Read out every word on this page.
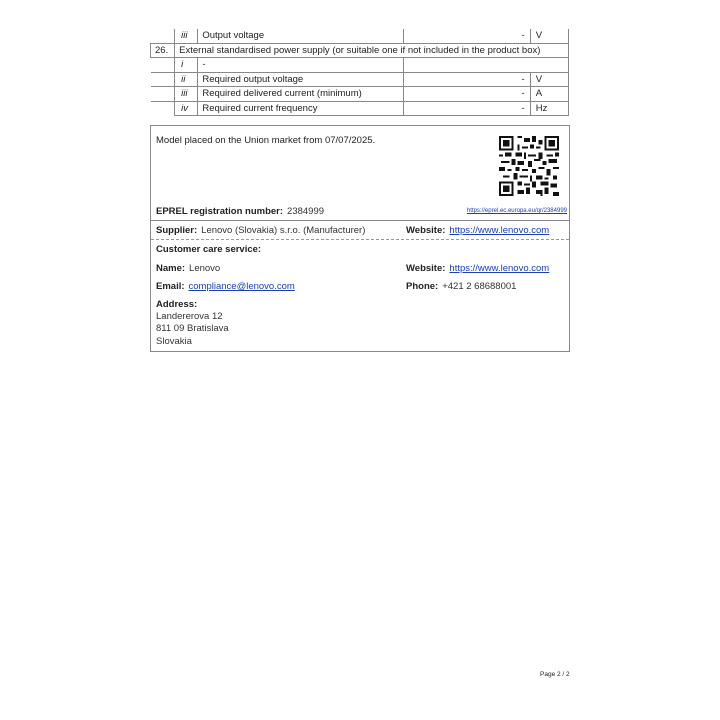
	iii	Output voltage	-	V
26.	External standardised power supply (or suitable one if not included in the product box)			
	i	-		
	ii	Required output voltage	-	V
	iii	Required delivered current (minimum)	-	A
	iv	Required current frequency	-	Hz
Model placed on the Union market from 07/07/2025.
https://eprel.ec.europa.eu/qr/2384999
EPREL registration number: 2384999
Supplier: Lenovo (Slovakia) s.r.o. (Manufacturer)	Website: https://www.lenovo.com
Customer care service:
Name: Lenovo	Website: https://www.lenovo.com
Email: compliance@lenovo.com	Phone: +421 2 68688001
Address:
Landererova 12
811 09 Bratislava
Slovakia
Page 2 / 2
